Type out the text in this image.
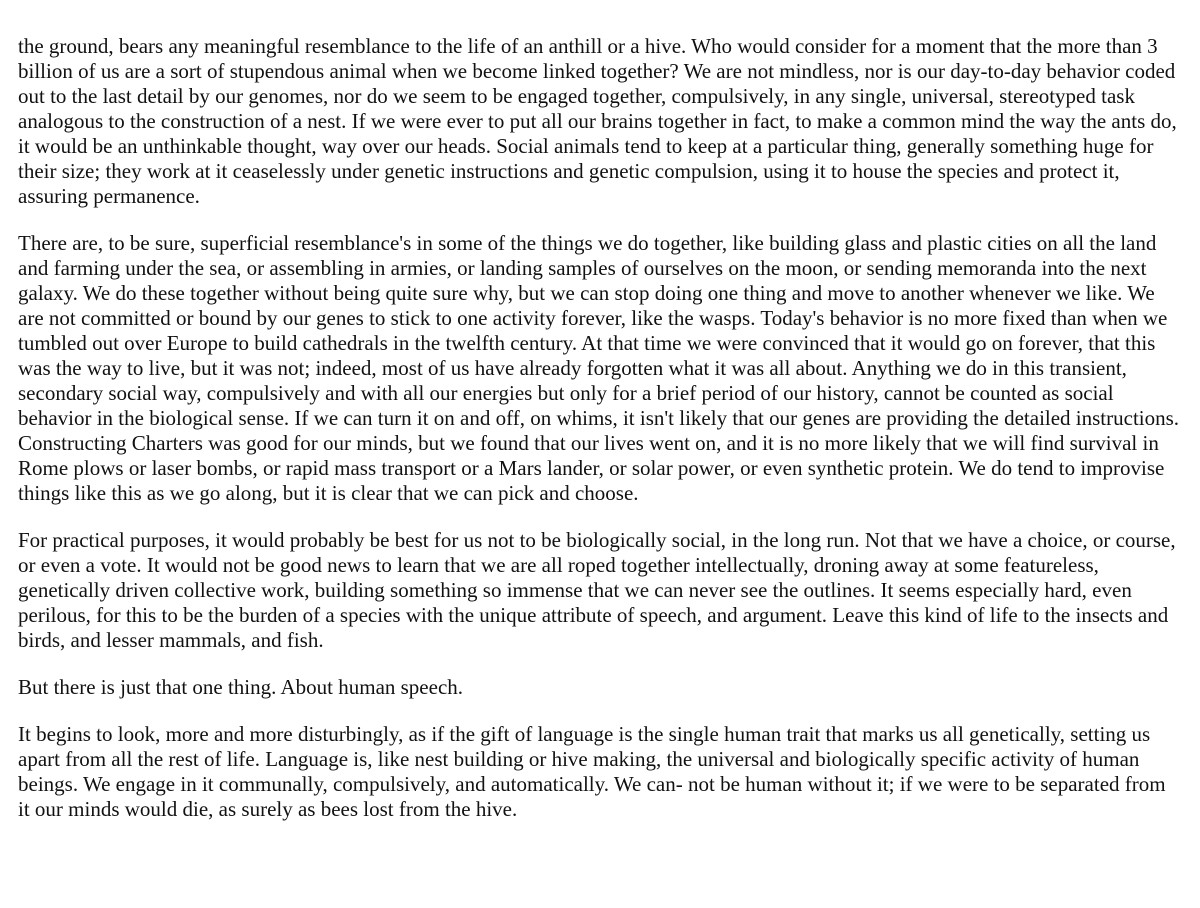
the ground, bears any meaningful resemblance to the life of an anthill or a hive. Who would consider for a moment that the more than 3 billion of us are a sort of stupendous animal when we become linked together? We are not mindless, nor is our day-to-day behavior coded out to the last detail by our genomes, nor do we seem to be engaged together, compulsively, in any single, universal, stereotyped task analogous to the construction of a nest. If we were ever to put all our brains together in fact, to make a common mind the way the ants do, it would be an unthinkable thought, way over our heads. Social animals tend to keep at a particular thing, generally something huge for their size; they work at it ceaselessly under genetic instructions and genetic compulsion, using it to house the species and protect it, assuring permanence.

There are, to be sure, superficial resemblance's in some of the things we do together, like building glass and plastic cities on all the land and farming under the sea, or assembling in armies, or landing samples of ourselves on the moon, or sending memoranda into the next galaxy. We do these together without being quite sure why, but we can stop doing one thing and move to another whenever we like. We are not committed or bound by our genes to stick to one activity forever, like the wasps. Today's behavior is no more fixed than when we tumbled out over Europe to build cathedrals in the twelfth century. At that time we were convinced that it would go on forever, that this was the way to live, but it was not; indeed, most of us have already forgotten what it was all about. Anything we do in this transient, secondary social way, compulsively and with all our energies but only for a brief period of our history, cannot be counted as social behavior in the biological sense. If we can turn it on and off, on whims, it isn't likely that our genes are providing the detailed instructions. Constructing Charters was good for our minds, but we found that our lives went on, and it is no more likely that we will find survival in Rome plows or laser bombs, or rapid mass transport or a Mars lander, or solar power, or even synthetic protein. We do tend to improvise things like this as we go along, but it is clear that we can pick and choose.

For practical purposes, it would probably be best for us not to be biologically social, in the long run. Not that we have a choice, or course, or even a vote. It would not be good news to learn that we are all roped together intellectually, droning away at some featureless, genetically driven collective work, building something so immense that we can never see the outlines. It seems especially hard, even perilous, for this to be the burden of a species with the unique attribute of speech, and argument. Leave this kind of life to the insects and birds, and lesser mammals, and fish.

But there is just that one thing. About human speech.

It begins to look, more and more disturbingly, as if the gift of language is the single human trait that marks us all genetically, setting us apart from all the rest of life. Language is, like nest building or hive making, the universal and biologically specific activity of human beings. We engage in it communally, compulsively, and automatically. We can- not be human without it; if we were to be separated from it our minds would die, as surely as bees lost from the hive.
